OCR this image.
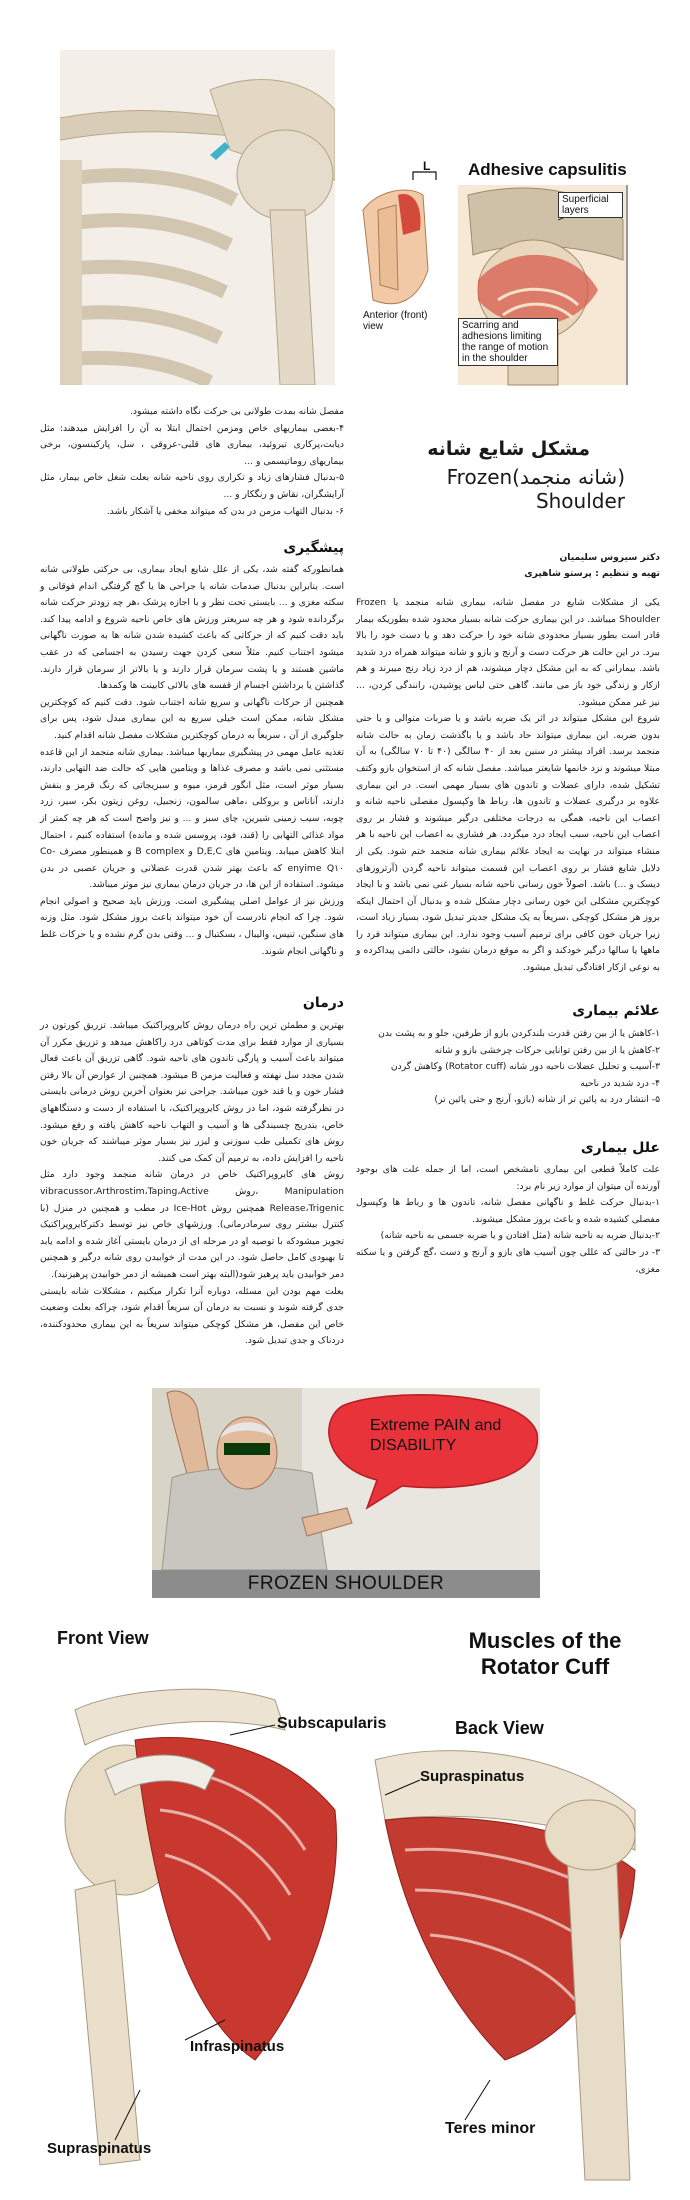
Adhesive capsulitis
L
Superficial layers
Anterior (front) view	Scarring and adhesions limiting the range of motion in the shoulder

مفصل شانه بمدت طولانی بی حرکت نگاه داشته میشود.

۴-بعضی بیماریهای خاص ومزمن احتمال ابتلا به آن را افزایش میدهند: مثل دیابت،پرکاری تیروئید، بیماری های قلبی-عروقی ، سل، پارکینسون، برخی بیماریهای روماتیسمی و ...

۵-بدنبال فشارهای زیاد و تکراری روی ناحیه شانه بعلت شغل خاص بیمار، مثل آرایشگران، نقاش و رنگکار و ...

۶- بدنبال التهاب مزمن در بدن که میتواند مخفی یا آشکار باشد.

پیشگیری

همانطورکه گفته شد، یکی از علل شایع ایجاد بیماری، بی حرکتی طولانی شانه است. بنابراین بدنبال صدمات شانه یا جراحی ها یا گچ گرفتگی اندام فوقانی و سکته مغزی و ... بایستی تحت نظر و با اجازه پزشک ،هر چه زودتر حرکت شانه برگردانده شود و هر چه سریعتر ورزش های خاص ناحیه شروع و ادامه پیدا کند. باید دقت کنیم که از حرکاتی که باعث کشیده شدن شانه ها به صورت ناگهانی میشود اجتناب کنیم. مثلاً سعی کردن جهت رسیدن به اجسامی که در عقب ماشین هستند و یا پشت سرمان قرار دارند و یا بالاتر از سرمان قرار دارند. گذاشتن یا برداشتن اجسام از قفسه های بالائی کابینت ها وکمدها.

همچنین از حرکات ناگهانی و سریع شانه اجتناب شود. دقت کنیم که کوچکترین مشکل شانه، ممکن است خیلی سریع به این بیماری مبدل شود، پس برای جلوگیری از آن ، سریعاً به درمان کوچکترین مشکلات مفصل شانه اقدام کنید.

تغذیه عامل مهمی در پیشگیری بیماریها میباشد. بیماری شانه منجمد از این قاعده مستثنی نمی باشد و مصرف غذاها و ویتامین هایی که حالت ضد التهابی دارند، بسیار موثر است، مثل انگور قرمز، میوه و سبزیجاتی که رنگ قرمز و بنفش دارند، آناناس و بروکلی ،ماهی سالمون، زنجبیل، روغن زیتون بکر، سیر، زرد چوبه، سیب زمینی شیرین، چای سبز و ... و نیز واضح است که هر چه کمتر از مواد غذائی التهابی را (قند، فود، پروسس شده و مانده) استفاده کنیم ، احتمال ابتلا کاهش مییابد. ویتامین های D,E,C و B complex و همینطور مصرف Co-enyime Q۱۰ که باعث بهتر شدن قدرت عضلانی و جریان عصبی در بدن میشود. استفاده از این ها، در جریان درمان بیماری نیز موثر میباشد.

ورزش نیز از عوامل اصلی پیشگیری است. ورزش باید صحیح و اصولی انجام شود. چرا که انجام نادرست آن خود میتواند باعث بروز مشکل شود. مثل وزنه های سنگین، تنیس، والیبال ، بسکتبال و ... وقتی بدن گرم نشده و یا حرکات غلط و ناگهانی انجام شوند.

درمان

بهترین و مطمئن ترین راه درمان روش کایروپراکتیک میباشد. تزریق کورتون در بسیاری از موارد فقط برای مدت کوتاهی درد راکاهش میدهد و تزریق مکرر آن میتواند باعث آسیب و پارگی تاندون های ناحیه شود. گاهی تزریق آن باعث فعال شدن مجدد سل نهفته و فعالیت مزمن B میشود. همچنین از عوارض آن بالا رفتن فشار خون و یا قند خون میباشد. جراحی نیز بعنوان آخرین روش درمانی بایستی در نظرگرفته شود، اما در روش کایروپراکتیک، با استفاده از دست و دستگاههای خاص، بتدریج چسبندگی ها و آسیب و التهاب ناحیه کاهش یافته و رفع میشود. روش های تکمیلی طب سوزنی و لیزر نیز بسیار موثر میباشند که جریان خون ناحیه را افزایش داده، به ترمیم آن کمک می کنند.

روش های کایروپراکتیک خاص در درمان شانه منجمد وجود دارد مثل Manipulation ،روش vibracussor،Arthrostim،Taping،Active Release،Trigenic همچنین روش Ice-Hot در مطب و همچنین در منزل (با کنترل بیشتر روی سرمادرمانی). ورزشهای خاص نیز توسط دکترکایروپراکتیک تجویز میشودکه با توصیه او در مرحله ای از درمان بایستی آغاز شده و ادامه یابد تا بهبودی کامل حاصل شود. در این مدت از خوابیدن روی شانه درگیر و همچنین دمر خوابیدن باید پرهیز شود(البته بهتر است همیشه از دمر خوابیدن پرهیزنید).

بعلت مهم بودن این مسئله، دوباره آنرا تکرار میکنیم ، مشکلات شانه بایستی جدی گرفته شوند و نسبت به درمان آن سریعاً اقدام شود، چراکه بعلت وضعیت خاص این مفصل، هر مشکل کوچکی میتواند سریعاً به این بیماری محدودکننده، دردناک و جدی تبدیل شود.

مشکل شایع شانه
(شانه منجمد)Frozen Shoulder
دکتر سیروس سلیمیان
تهیه و تنظیم : پرستو شاهپری

یکی از مشکلات شایع در مفصل شانه، بیماری شانه منجمد یا Frozen Shoulder میباشد. در این بیماری حرکت شانه بسیار محدود شده بطوریکه بیمار قادر است بطور بسیار محدودی شانه خود را حرکت دهد و یا دست خود را بالا ببرد. در این حالت هر حرکت دست و آرنج و بازو و شانه میتواند همراه درد شدید باشد. بیمارانی که به این مشکل دچار میشوند، هم از درد زیاد رنج میبرند و هم ازکار و زندگی خود باز می مانند. گاهی حتی لباس پوشیدن، رانندگی کردن، ... نیز غیر ممکن میشود.

شروع این مشکل میتواند در اثر یک ضربه باشد و یا ضربات متوالی و یا حتی بدون ضربه. این بیماری میتواند حاد باشد و یا باگذشت زمان به حالت شانه منجمد برسد. افراد بیشتر در سنین بعد از ۴۰ سالگی (۴۰ تا ۷۰ سالگی) به آن مبتلا میشوند و نزد خانمها شایعتر میباشد. مفصل شانه که از استخوان بازو وکتف تشکیل شده، دارای عضلات و تاندون های بسیار مهمی است. در این بیماری علاوه بر درگیری عضلات و تاندون ها، رباط ها وکپسول مفصلی ناحیه شانه و اعصاب این ناحیه، همگی به درجات مختلفی درگیر میشوند و فشار بر روی اعصاب این ناحیه، سبب ایجاد درد میگردد. هر فشاری به اعصاب این ناحیه با هر منشاء میتواند در نهایت به ایجاد علائم بیماری شانه منجمد ختم شود. یکی از دلایل شایع فشار بر روی اعصاب این قسمت میتواند ناحیه گردن (آرتروزهای دیسک و ...) باشد. اصولاً خون رسانی ناحیه شانه بسیار غنی نمی باشد و با ایجاد کوچکترین مشکلی این خون رسانی دچار مشکل شده و بدنبال آن احتمال اینکه بروز هر مشکل کوچکی ،سریعاً به یک مشکل جدیتر تبدیل شود، بسیار زیاد است، زیرا جریان خون کافی برای ترمیم آسیب وجود ندارد. این بیماری میتواند فرد را ماهها یا سالها درگیر خودکند و اگر به موقع درمان نشود، حالتی دائمی پیداکرده و به نوعی ازکار افتادگی تبدیل میشود.

علائم بیماری

۱-کاهش یا از بین رفتن قدرت بلندکردن بازو از طرفین، جلو و به پشت بدن

۲-کاهش یا از بین رفتن توانایی حرکات چرخشی بازو و شانه

۳-آسیب و تحلیل عضلات ناحیه دور شانه (Rotator cuff) وکاهش گردن

۴- درد شدید در ناحیه

۵- انتشار درد به پائین تر از شانه (بازو، آرنج و حتی پائین تر)

علل بیماری

علت کاملاً قطعی این بیماری نامشخص است، اما از جمله علت های بوجود آورنده آن میتوان از موارد زیر نام برد:

۱-بدنبال حرکت غلط و ناگهانی مفصل شانه، تاندون ها و رباط ها وکپسول مفصلی کشیده شده و باعث بروز مشکل میشوند.

۲-بدنبال ضربه به ناحیه شانه (مثل افتادن و یا ضربه جسمی به ناحیه شانه)

۳- در حالتی که عللی چون آسیب های بازو و آرنج و دست ،گچ گرفتن و یا سکته مغزی،

Extreme PAIN and DISABILITY
FROZEN SHOULDER
Front View	Muscles of the
Rotator Cuff
Subscapularis	Back View
Supraspinatus
Infraspinatus
Supraspinatus
Teres minor
